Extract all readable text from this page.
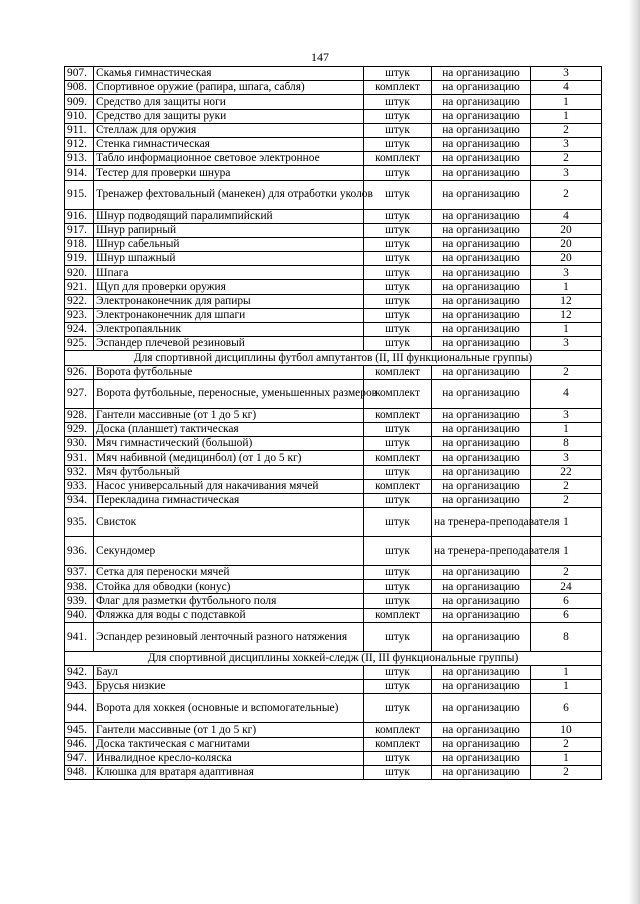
147
907.	Скамья гимнастическая	штук	на организацию	3
908.	Спортивное оружие (рапира, шпага, сабля)	комплект	на организацию	4
909.	Средство для защиты ноги	штук	на организацию	1
910.	Средство для защиты руки	штук	на организацию	1
911.	Стеллаж для оружия	штук	на организацию	2
912.	Стенка гимнастическая	штук	на организацию	3
913.	Табло информационное световое электронное	комплект	на организацию	2
914.	Тестер для проверки шнура	штук	на организацию	3
915.	Тренажер фехтовальный (манекен) для отработки уколов	штук	на организацию	2
916.	Шнур подводящий паралимпийский	штук	на организацию	4
917.	Шнур рапирный	штук	на организацию	20
918.	Шнур сабельный	штук	на организацию	20
919.	Шнур шпажный	штук	на организацию	20
920.	Шпага	штук	на организацию	3
921.	Щуп для проверки оружия	штук	на организацию	1
922.	Электронаконечник для рапиры	штук	на организацию	12
923.	Электронаконечник для шпаги	штук	на организацию	12
924.	Электропаяльник	штук	на организацию	1
925.	Эспандер плечевой резиновый	штук	на организацию	3
Для спортивной дисциплины футбол ампутантов (II, III функциональные группы)				
926.	Ворота футбольные	комплект	на организацию	2
927.	Ворота футбольные, переносные, уменьшенных размеров	комплект	на организацию	4
928.	Гантели массивные (от 1 до 5 кг)	комплект	на организацию	3
929.	Доска (планшет) тактическая	штук	на организацию	1
930.	Мяч гимнастический (большой)	штук	на организацию	8
931.	Мяч набивной (медицинбол) (от 1 до 5 кг)	комплект	на организацию	3
932.	Мяч футбольный	штук	на организацию	22
933.	Насос универсальный для накачивания мячей	комплект	на организацию	2
934.	Перекладина гимнастическая	штук	на организацию	2
935.	Свисток	штук	на тренера-преподавателя	1
936.	Секундомер	штук	на тренера-преподавателя	1
937.	Сетка для переноски мячей	штук	на организацию	2
938.	Стойка для обводки (конус)	штук	на организацию	24
939.	Флаг для разметки футбольного поля	штук	на организацию	6
940.	Фляжка для воды с подставкой	комплект	на организацию	6
941.	Эспандер резиновый ленточный разного натяжения	штук	на организацию	8
Для спортивной дисциплины хоккей-следж (II, III функциональные группы)				
942.	Баул	штук	на организацию	1
943.	Брусья низкие	штук	на организацию	1
944.	Ворота для хоккея (основные и вспомогательные)	штук	на организацию	6
945.	Гантели массивные (от 1 до 5 кг)	комплект	на организацию	10
946.	Доска тактическая с магнитами	комплект	на организацию	2
947.	Инвалидное кресло-коляска	штук	на организацию	1
948.	Клюшка для вратаря адаптивная	штук	на организацию	2
